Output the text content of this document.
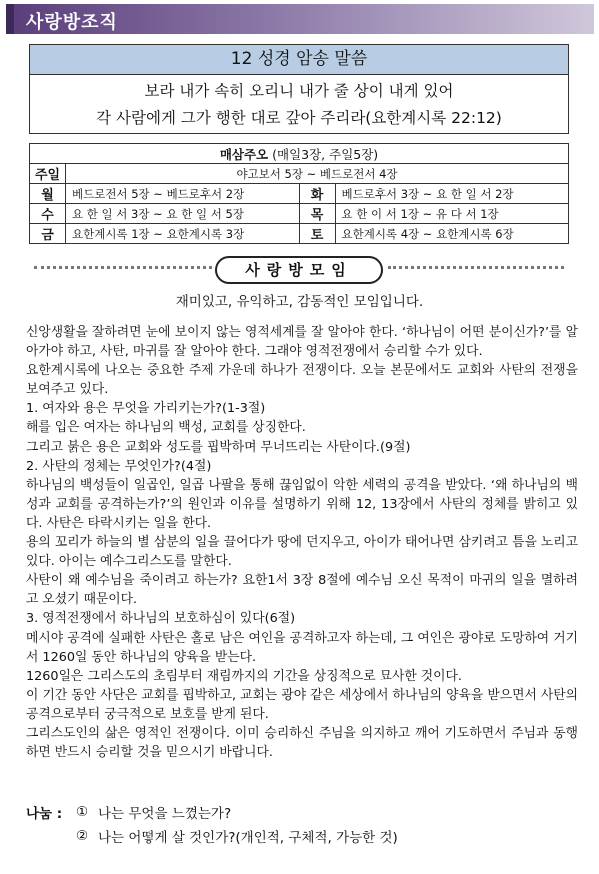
사랑방조직
12 성경 암송 말씀
보라 내가 속히 오리니 내가 줄 상이 내게 있어
각 사람에게 그가 행한 대로 갚아 주리라(요한계시록 22:12)
매삼주오 (매일3장, 주일5장)			
주일	야고보서 5장 ~ 베드로전서 4장		
월	베드로전서 5장 ~ 베드로후서 2장	화	베드로후서 3장 ~ 요 한 일 서 2장
수	요 한 일 서 3장 ~ 요 한 일 서 5장	목	요 한 이 서 1장 ~ 유 다 서 1장
금	요한계시록 1장 ~ 요한계시록 3장	토	요한계시록 4장 ~ 요한계시록 6장
사랑방모임
재미있고, 유익하고, 감동적인 모임입니다.

신앙생활을 잘하려면 눈에 보이지 않는 영적세계를 잘 알아야 한다. ‘하나님이 어떤 분이신가?’를 알아가야 하고, 사탄, 마귀를 잘 알아야 한다. 그래야 영적전쟁에서 승리할 수가 있다.

요한계시록에 나오는 중요한 주제 가운데 하나가 전쟁이다. 오늘 본문에서도 교회와 사탄의 전쟁을 보여주고 있다.

1. 여자와 용은 무엇을 가리키는가?(1-3절)

해를 입은 여자는 하나님의 백성, 교회를 상징한다.

그리고 붉은 용은 교회와 성도를 핍박하며 무너뜨리는 사탄이다.(9절)

2. 사탄의 정체는 무엇인가?(4절)

하나님의 백성들이 일곱인, 일곱 나팔을 통해 끊임없이 악한 세력의 공격을 받았다. ‘왜 하나님의 백성과 교회를 공격하는가?’의 원인과 이유를 설명하기 위해 12, 13장에서 사탄의 정체를 밝히고 있다. 사탄은 타락시키는 일을 한다.

용의 꼬리가 하늘의 별 삼분의 일을 끌어다가 땅에 던지우고, 아이가 태어나면 삼키려고 틈을 노리고 있다. 아이는 예수그리스도를 말한다.

사탄이 왜 예수님을 죽이려고 하는가? 요한1서 3장 8절에 예수님 오신 목적이 마귀의 일을 멸하려고 오셨기 때문이다.

3. 영적전쟁에서 하나님의 보호하심이 있다(6절)

메시야 공격에 실패한 사탄은 홀로 남은 여인을 공격하고자 하는데, 그 여인은 광야로 도망하여 거기서 1260일 동안 하나님의 양육을 받는다.

1260일은 그리스도의 초림부터 재림까지의 기간을 상징적으로 묘사한 것이다.

이 기간 동안 사단은 교회를 핍박하고, 교회는 광야 같은 세상에서 하나님의 양육을 받으면서 사탄의 공격으로부터 궁극적으로 보호를 받게 된다.

그리스도인의 삶은 영적인 전쟁이다. 이미 승리하신 주님을 의지하고 깨어 기도하면서 주님과 동행하면 반드시 승리할 것을 믿으시기 바랍니다.

나눔 :	① 나는 무엇을 느꼈는가?
② 나는 어떻게 살 것인가?(개인적, 구체적, 가능한 것)
